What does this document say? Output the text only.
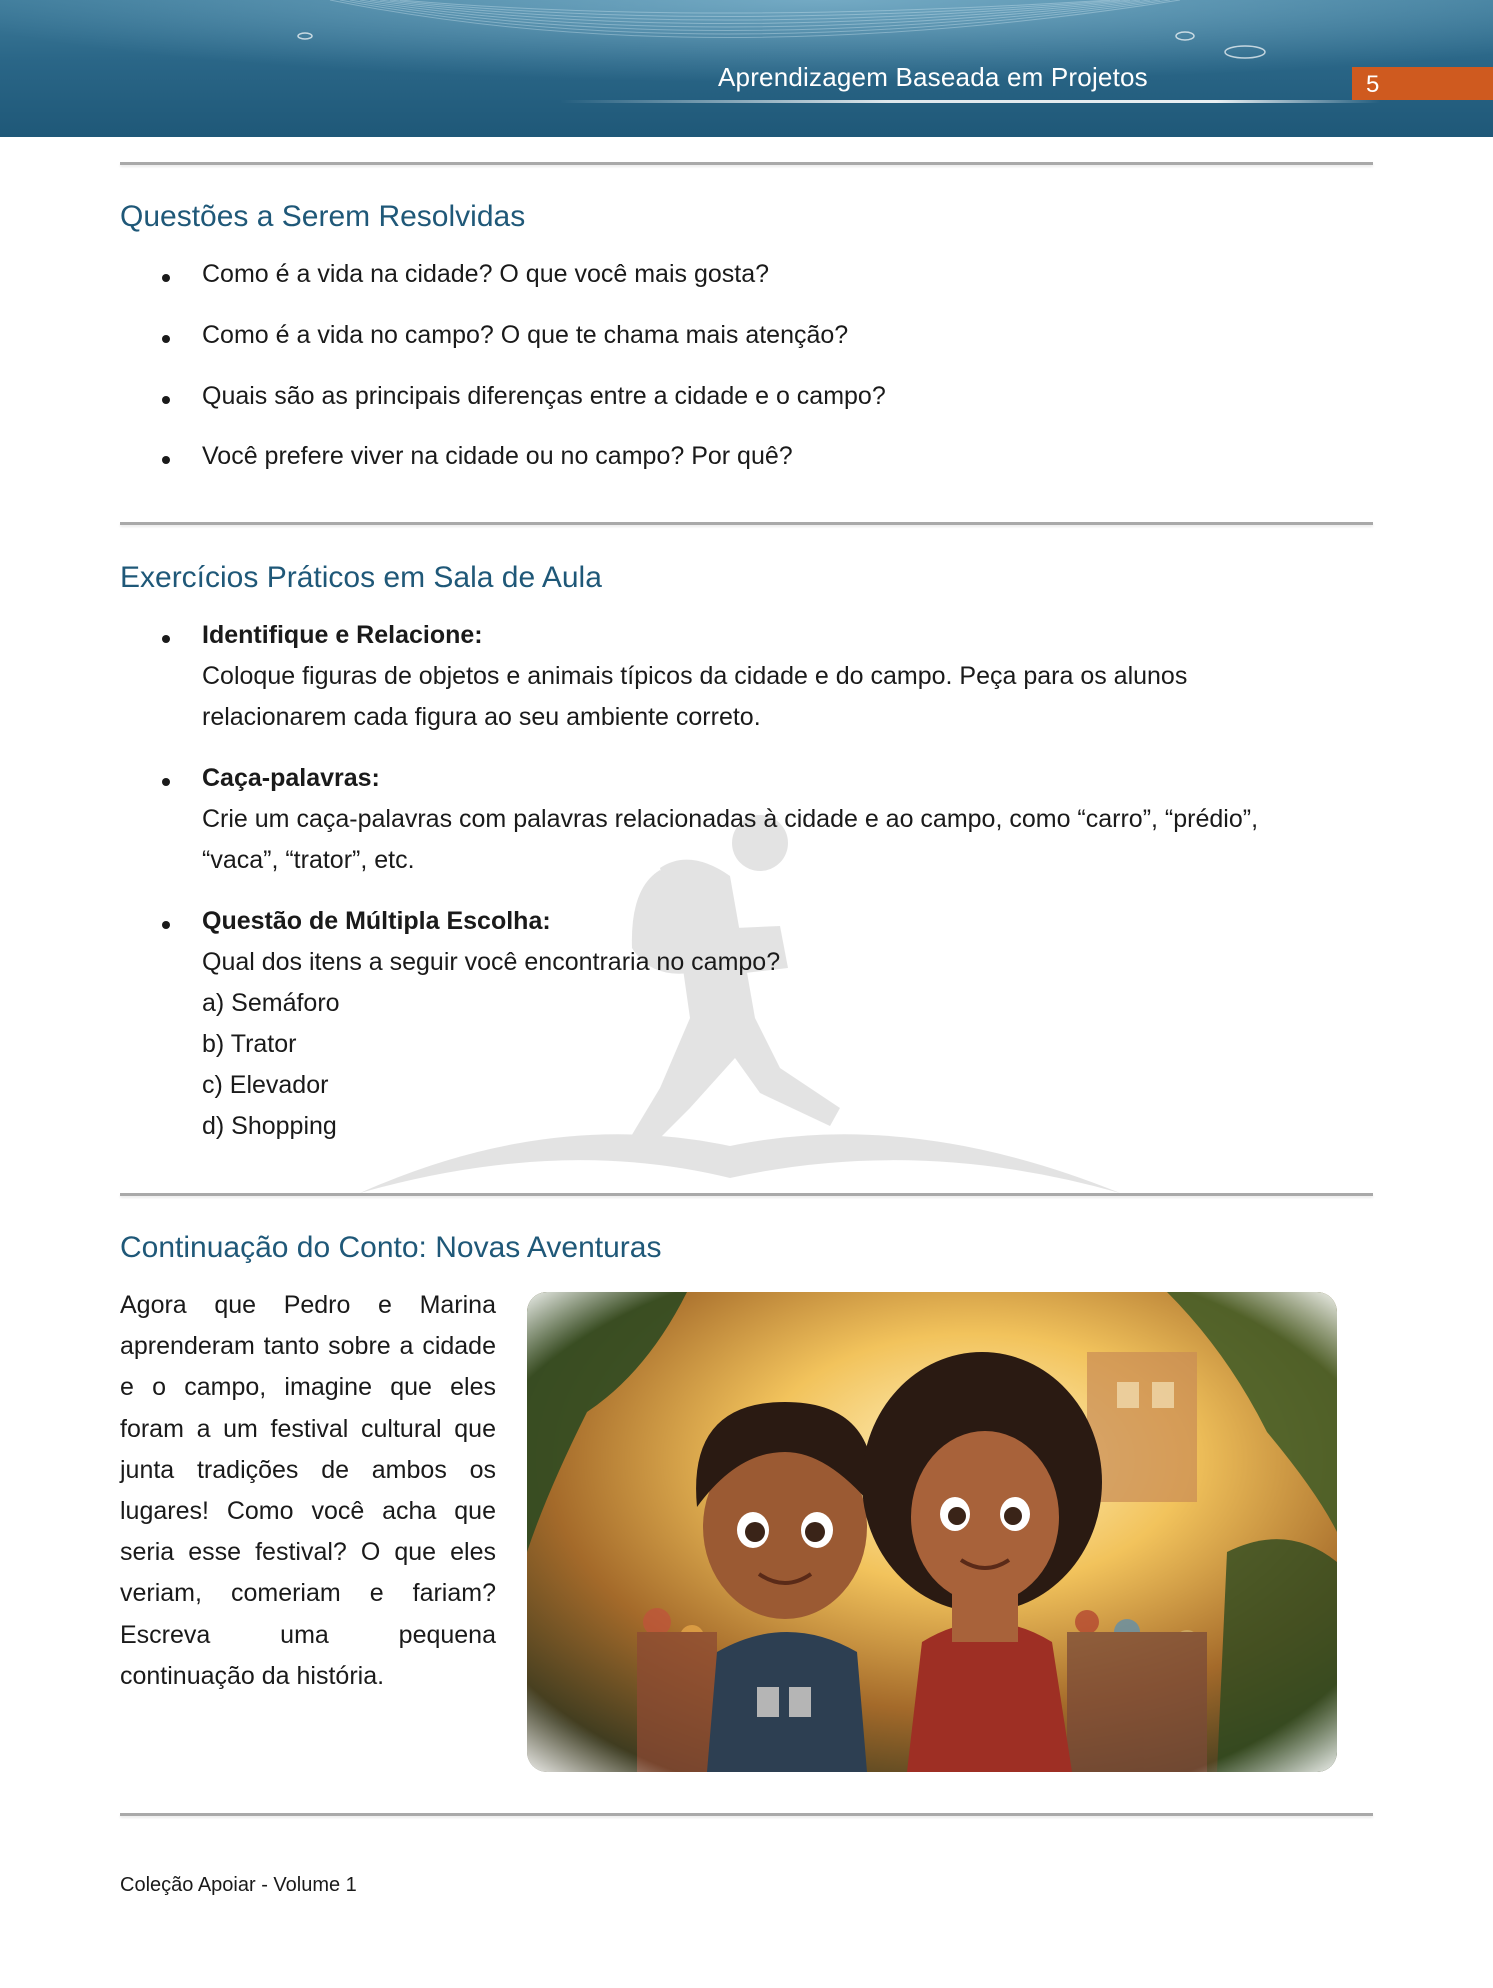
Aprendizagem Baseada em Projetos	5
Questões a Serem Resolvidas
Como é a vida na cidade? O que você mais gosta?
Como é a vida no campo? O que te chama mais atenção?
Quais são as principais diferenças entre a cidade e o campo?
Você prefere viver na cidade ou no campo? Por quê?
Exercícios Práticos em Sala de Aula
Identifique e Relacione:
Coloque figuras de objetos e animais típicos da cidade e do campo. Peça para os alunos
relacionarem cada figura ao seu ambiente correto.
Caça-palavras:
Crie um caça-palavras com palavras relacionadas à cidade e ao campo, como “carro”, “prédio”,
“vaca”, “trator”, etc.
Questão de Múltipla Escolha:
Qual dos itens a seguir você encontraria no campo?
a) Semáforo
b) Trator
c) Elevador
d) Shopping
Continuação do Conto: Novas Aventuras
Agora que Pedro e Marina aprenderam tanto sobre a cidade e o campo, imagine que eles foram a um festival cultural que junta tradições de ambos os lugares! Como você acha que seria esse festival? O que eles veriam, comeriam e fariam? Escreva uma pequena continuação da história.
Coleção Apoiar - Volume 1
